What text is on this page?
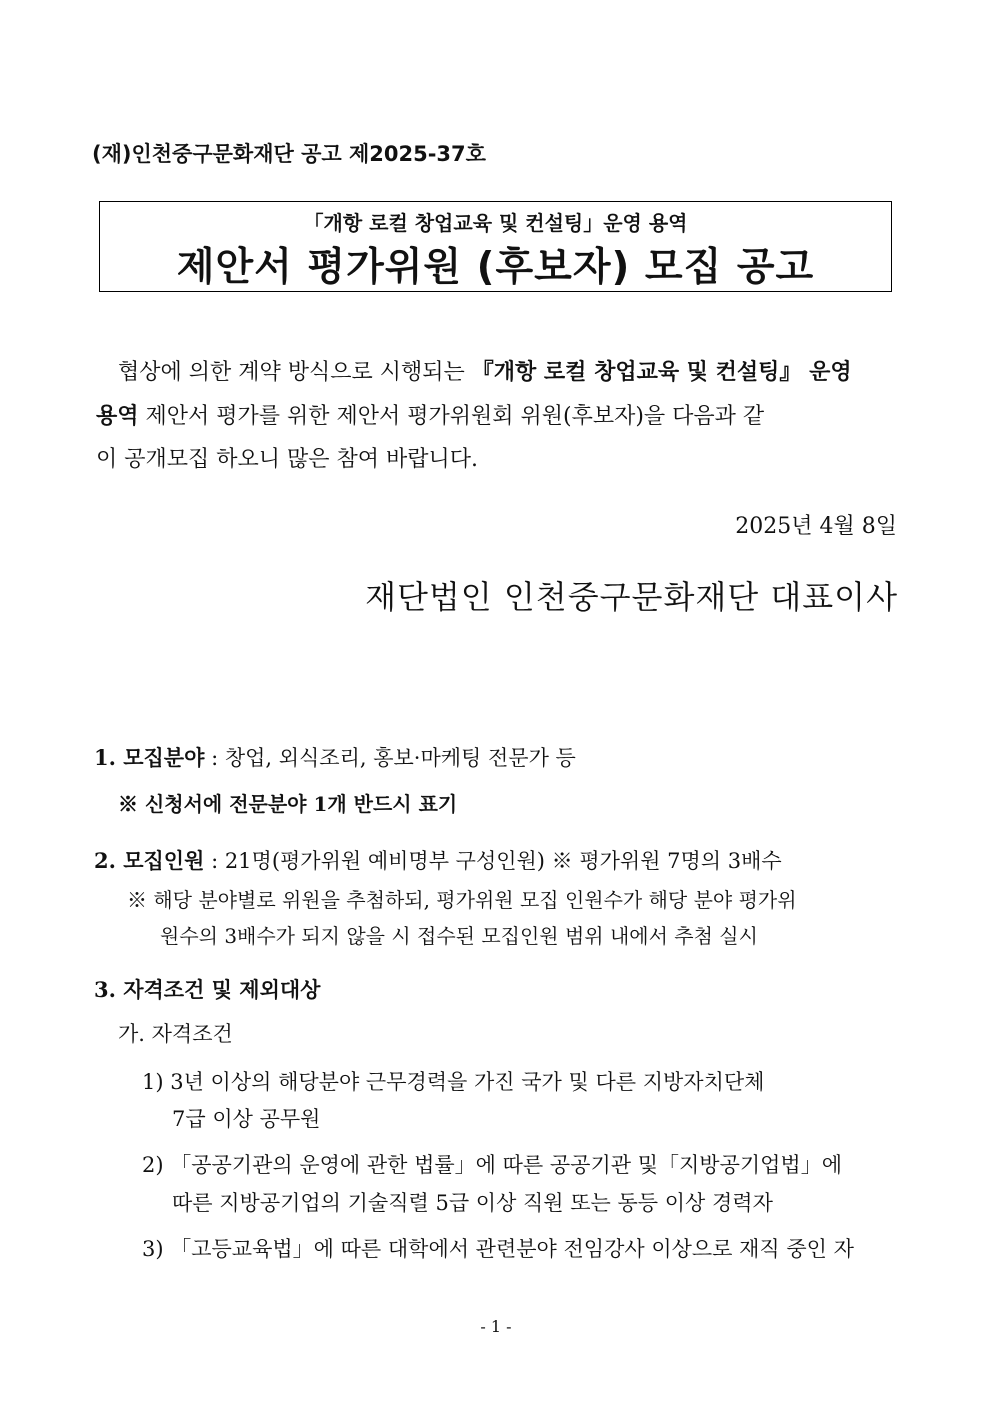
(재)인천중구문화재단 공고 제2025-37호
「개항 로컬 창업교육 및 컨설팅」운영 용역
제안서 평가위원 (후보자) 모집 공고
협상에 의한 계약 방식으로 시행되는 『개항 로컬 창업교육 및 컨설팅』 운영
용역 제안서 평가를 위한 제안서 평가위원회 위원(후보자)을 다음과 같
이 공개모집 하오니 많은 참여 바랍니다.
2025년 4월 8일
재단법인 인천중구문화재단 대표이사
1. 모집분야 : 창업, 외식조리, 홍보·마케팅 전문가 등
※ 신청서에 전문분야 1개 반드시 표기
2. 모집인원 : 21명(평가위원 예비명부 구성인원) ※ 평가위원 7명의 3배수
※ 해당 분야별로 위원을 추첨하되, 평가위원 모집 인원수가 해당 분야 평가위
원수의 3배수가 되지 않을 시 접수된 모집인원 범위 내에서 추첨 실시
3. 자격조건 및 제외대상
가. 자격조건
1) 3년 이상의 해당분야 근무경력을 가진 국가 및 다른 지방자치단체
7급 이상 공무원
2) 「공공기관의 운영에 관한 법률」에 따른 공공기관 및「지방공기업법」에
따른 지방공기업의 기술직렬 5급 이상 직원 또는 동등 이상 경력자
3) 「고등교육법」에 따른 대학에서 관련분야 전임강사 이상으로 재직 중인 자
- 1 -
